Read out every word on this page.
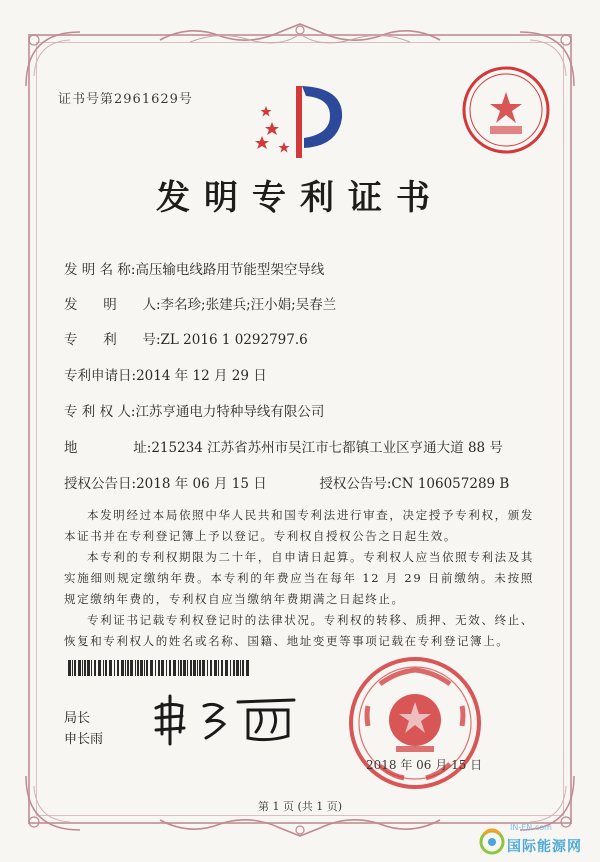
证书号第2961629号
发明专利证书
发 明 名 称:高压输电线路用节能型架空导线
发      明      人:李名珍;张建兵;汪小娟;吴春兰
专      利      号:ZL 2016 1 0292797.6
专利申请日:2014 年 12 月 29 日
专 利 权 人:江苏亨通电力特种导线有限公司
地             址:215234 江苏省苏州市吴江市七都镇工业区亨通大道 88 号
授权公告日:2018 年 06 月 15 日	授权公告号:CN 106057289 B

本发明经过本局依照中华人民共和国专利法进行审查，决定授予专利权，颁发本证书并在专利登记簿上予以登记。专利权自授权公告之日起生效。

本专利的专利权期限为二十年，自申请日起算。专利权人应当依照专利法及其实施细则规定缴纳年费。本专利的年费应当在每年 12 月 29 日前缴纳。未按照规定缴纳年费的，专利权自应当缴纳年费期满之日起终止。

专利证书记载专利权登记时的法律状况。专利权的转移、质押、无效、终止、恢复和专利权人的姓名或名称、国籍、地址变更等事项记载在专利登记簿上。

局长
申长雨
2018 年 06 月 15 日
第 1 页 (共 1 页)
IN-EN.com
国际能源网
